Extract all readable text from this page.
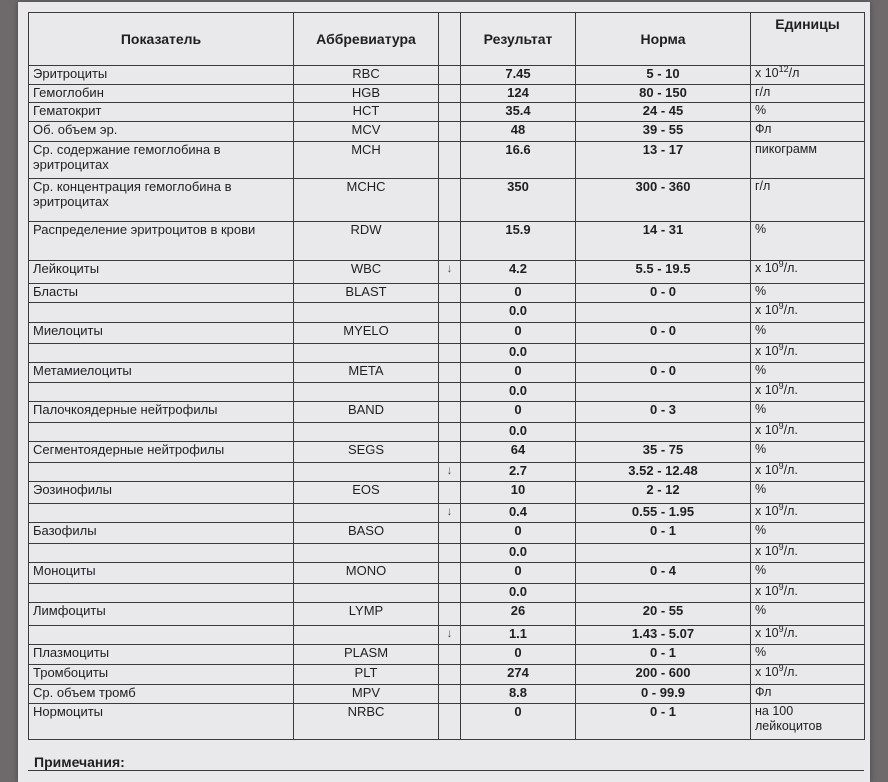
Показатель	Аббревиатура		Результат	Норма	Единицы
Эритроциты	RBC		7.45	5 - 10	x $10^{12}/л$
Гемоглобин	HGB		124	80 - 150	г/л
Гематокрит	HCT		35.4	24 - 45	%
Об. объем эр.	MCV		48	39 - 55	Фл
Ср. содержание гемоглобина в эритроцитах	MCH		16.6	13 - 17	пикограмм
Ср. концентрация гемоглобина в эритроцитах	MCHC		350	300 - 360	г/л
Распределение эритроцитов в крови	RDW		15.9	14 - 31	%
Лейкоциты	WBC	↓	4.2	5.5 - 19.5	x $10^9/л$.
Бласты	BLAST		0	0 - 0	%
			0.0		x $10^9/л$.
Миелоциты	MYELO		0	0 - 0	%
			0.0		x $10^9/л$.
Метамиелоциты	META		0	0 - 0	%
			0.0		x $10^9/л$.
Палочкоядерные нейтрофилы	BAND		0	0 - 3	%
			0.0		x $10^9/л$.
Сегментоядерные нейтрофилы	SEGS		64	35 - 75	%
		↓	2.7	3.52 - 12.48	x $10^9/л$.
Эозинофилы	EOS		10	2 - 12	%
		↓	0.4	0.55 - 1.95	x $10^9/л$.
Базофилы	BASO		0	0 - 1	%
			0.0		x $10^9/л$.
Моноциты	MONO		0	0 - 4	%
			0.0		x $10^9/л$.
Лимфоциты	LYMP		26	20 - 55	%
		↓	1.1	1.43 - 5.07	x $10^9/л$.
Плазмоциты	PLASM		0	0 - 1	%
Тромбоциты	PLT		274	200 - 600	x $10^9/л$.
Ср. объем тромб	MPV		8.8	0 - 99.9	Фл
Нормоциты	NRBC		0	0 - 1	на 100 лейкоцитов
Примечания:
